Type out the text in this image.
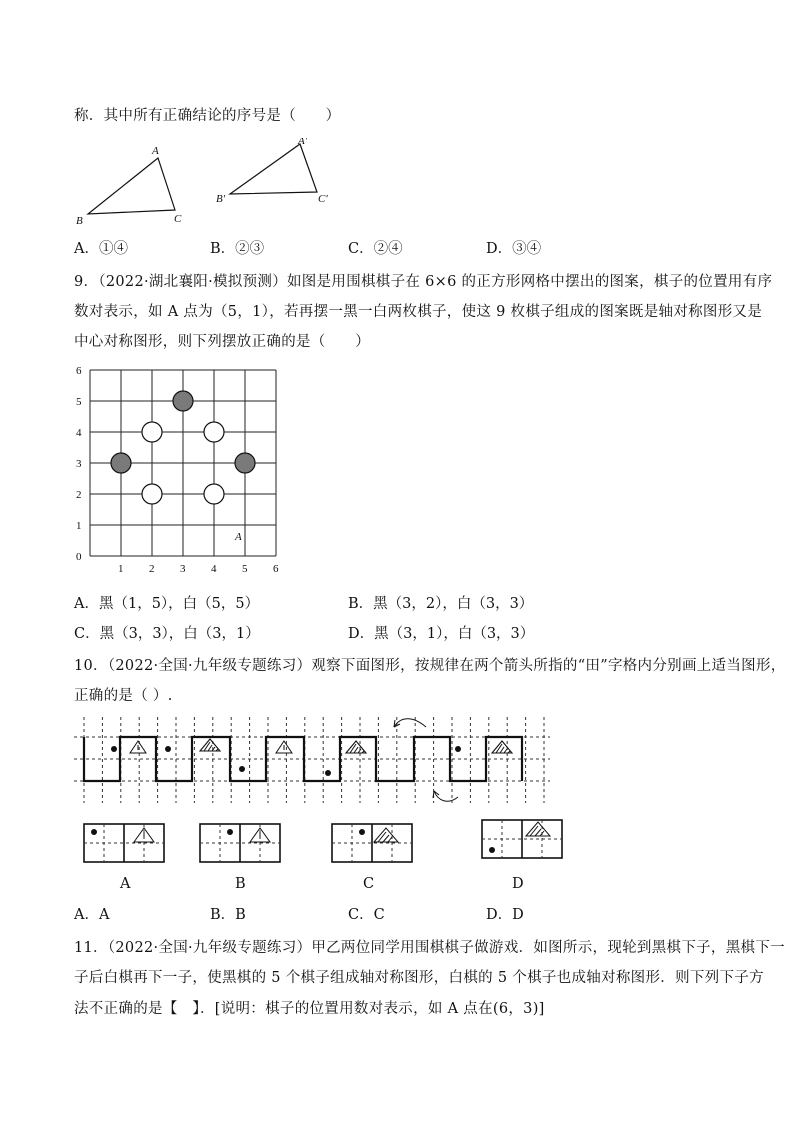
称．其中所有正确结论的序号是（　　）
A
B	C
A′
B′	C′
A．①④	B．②③	C．②④	D．③④
9．（2022·湖北襄阳·模拟预测）如图是用围棋棋子在 6×6 的正方形网格中摆出的图案，棋子的位置用有序
数对表示，如 A 点为（5，1），若再摆一黑一白两枚棋子，使这 9 枚棋子组成的图案既是轴对称图形又是
中心对称图形，则下列摆放正确的是（　　）
1 2 3 4 5 6
0
1
2
3
4
5
6
A
A．黑（1，5），白（5，5）	B．黑（3，2），白（3，3）
C．黑（3，3），白（3，1）	D．黑（3，1），白（3，3）
10．（2022·全国·九年级专题练习）观察下面图形，按规律在两个箭头所指的“田”字格内分别画上适当图形，
正确的是（ ）.
A	B	C	D
A．A	B．B	C．C	D．D
11．（2022·全国·九年级专题练习）甲乙两位同学用围棋棋子做游戏．如图所示，现轮到黑棋下子，黑棋下一
子后白棋再下一子，使黑棋的 5 个棋子组成轴对称图形，白棋的 5 个棋子也成轴对称图形．则下列下子方
法不正确的是【　】．[说明：棋子的位置用数对表示，如 A 点在(6，3)]
